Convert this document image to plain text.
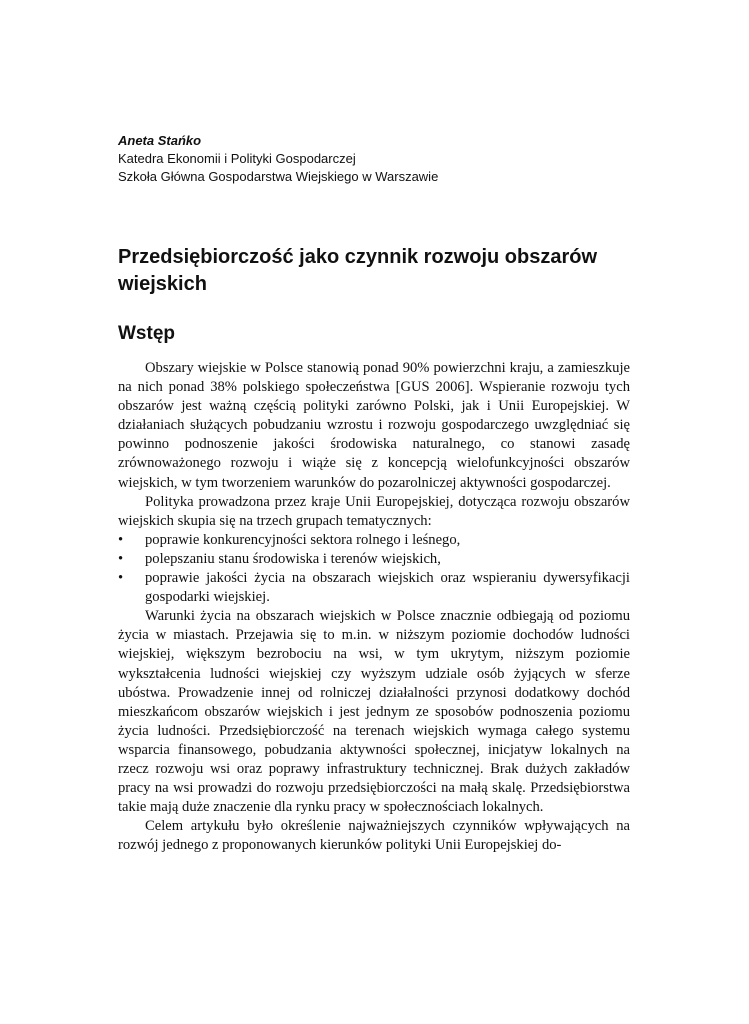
Aneta Stańko
Katedra Ekonomii i Polityki Gospodarczej
Szkoła Główna Gospodarstwa Wiejskiego w Warszawie
Przedsiębiorczość jako czynnik rozwoju obszarów wiejskich
Wstęp

Obszary wiejskie w Polsce stanowią ponad 90% powierzchni kraju, a zamieszkuje na nich ponad 38% polskiego społeczeństwa [GUS 2006]. Wspieranie rozwoju tych obszarów jest ważną częścią polityki zarówno Polski, jak i Unii Europejskiej. W działaniach służących pobudzaniu wzrostu i rozwoju gospodarczego uwzględniać się powinno podnoszenie jakości środowiska naturalnego, co stanowi zasadę zrównoważonego rozwoju i wiąże się z koncepcją wielofunkcyjności obszarów wiejskich, w tym tworzeniem warunków do pozarolniczej aktywności gospodarczej.

Polityka prowadzona przez kraje Unii Europejskiej, dotycząca rozwoju obszarów wiejskich skupia się na trzech grupach tematycznych:

• poprawie konkurencyjności sektora rolnego i leśnego,
• polepszaniu stanu środowiska i terenów wiejskich,
• poprawie jakości życia na obszarach wiejskich oraz wspieraniu dywersyfikacji gospodarki wiejskiej.

Warunki życia na obszarach wiejskich w Polsce znacznie odbiegają od poziomu życia w miastach. Przejawia się to m.in. w niższym poziomie dochodów ludności wiejskiej, większym bezrobociu na wsi, w tym ukrytym, niższym poziomie wykształcenia ludności wiejskiej czy wyższym udziale osób żyjących w sferze ubóstwa. Prowadzenie innej od rolniczej działalności przynosi dodatkowy dochód mieszkańcom obszarów wiejskich i jest jednym ze sposobów podnoszenia poziomu życia ludności. Przedsiębiorczość na terenach wiejskich wymaga całego systemu wsparcia finansowego, pobudzania aktywności społecznej, inicjatyw lokalnych na rzecz rozwoju wsi oraz poprawy infrastruktury technicznej. Brak dużych zakładów pracy na wsi prowadzi do rozwoju przedsiębiorczości na małą skalę. Przedsiębiorstwa takie mają duże znaczenie dla rynku pracy w społecznościach lokalnych.

Celem artykułu było określenie najważniejszych czynników wpływających na rozwój jednego z proponowanych kierunków polityki Unii Europejskiej do-
